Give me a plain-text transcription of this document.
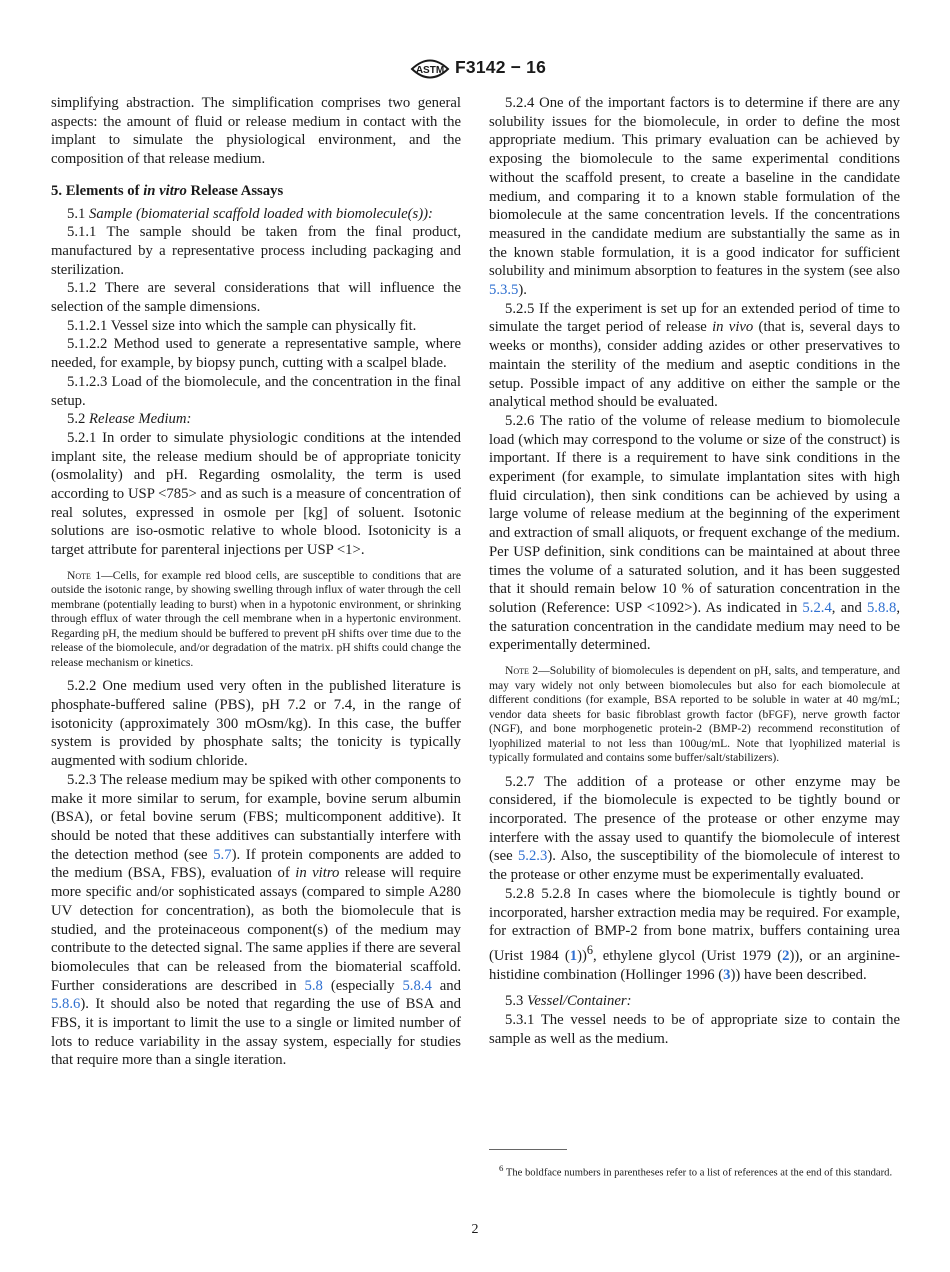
ASTM F3142 − 16

simplifying abstraction. The simplification comprises two general aspects: the amount of fluid or release medium in contact with the implant to simulate the physiological environment, and the composition of that release medium.

5. Elements of in vitro Release Assays

5.1 Sample (biomaterial scaffold loaded with biomolecule(s)):

5.1.1 The sample should be taken from the final product, manufactured by a representative process including packaging and sterilization.

5.1.2 There are several considerations that will influence the selection of the sample dimensions.

5.1.2.1 Vessel size into which the sample can physically fit.

5.1.2.2 Method used to generate a representative sample, where needed, for example, by biopsy punch, cutting with a scalpel blade.

5.1.2.3 Load of the biomolecule, and the concentration in the final setup.

5.2 Release Medium:

5.2.1 In order to simulate physiologic conditions at the intended implant site, the release medium should be of appropriate tonicity (osmolality) and pH. Regarding osmolality, the term is used according to USP <785> and as such is a measure of concentration of real solutes, expressed in osmole per [kg] of soluent. Isotonic solutions are iso-osmotic relative to whole blood. Isotonicity is a target attribute for parenteral injections per USP <1>.

Note 1—Cells, for example red blood cells, are susceptible to conditions that are outside the isotonic range, by showing swelling through influx of water through the cell membrane (potentially leading to burst) when in a hypotonic environment, or shrinking through efflux of water through the cell membrane when in a hypertonic environment. Regarding pH, the medium should be buffered to prevent pH shifts over time due to the release of the biomolecule, and/or degradation of the matrix. pH shifts could change the release mechanism or kinetics.

5.2.2 One medium used very often in the published literature is phosphate-buffered saline (PBS), pH 7.2 or 7.4, in the range of isotonicity (approximately 300 mOsm/kg). In this case, the buffer system is provided by phosphate salts; the tonicity is typically augmented with sodium chloride.

5.2.3 The release medium may be spiked with other components to make it more similar to serum, for example, bovine serum albumin (BSA), or fetal bovine serum (FBS; multicomponent additive). It should be noted that these additives can substantially interfere with the detection method (see 5.7). If protein components are added to the medium (BSA, FBS), evaluation of in vitro release will require more specific and/or sophisticated assays (compared to simple A280 UV detection for concentration), as both the biomolecule that is studied, and the proteinaceous component(s) of the medium may contribute to the detected signal. The same applies if there are several biomolecules that can be released from the biomaterial scaffold. Further considerations are described in 5.8 (especially 5.8.4 and 5.8.6). It should also be noted that regarding the use of BSA and FBS, it is important to limit the use to a single or limited number of lots to reduce variability in the assay system, especially for studies that require more than a single iteration.

5.2.4 One of the important factors is to determine if there are any solubility issues for the biomolecule, in order to define the most appropriate medium. This primary evaluation can be achieved by exposing the biomolecule to the same experimental conditions without the scaffold present, to create a baseline in the candidate medium, and comparing it to a known stable formulation of the biomolecule at the same concentration levels. If the concentrations measured in the candidate medium are substantially the same as in the known stable formulation, it is a good indicator for sufficient solubility and minimum absorption to features in the system (see also 5.3.5).

5.2.5 If the experiment is set up for an extended period of time to simulate the target period of release in vivo (that is, several days to weeks or months), consider adding azides or other preservatives to maintain the sterility of the medium and aseptic conditions in the setup. Possible impact of any additive on either the sample or the analytical method should be evaluated.

5.2.6 The ratio of the volume of release medium to biomolecule load (which may correspond to the volume or size of the construct) is important. If there is a requirement to have sink conditions in the experiment (for example, to simulate implantation sites with high fluid circulation), then sink conditions can be achieved by using a large volume of release medium at the beginning of the experiment and extraction of small aliquots, or frequent exchange of the medium. Per USP definition, sink conditions can be maintained at about three times the volume of a saturated solution, and it has been suggested that it should remain below 10 % of saturation concentration in the solution (Reference: USP <1092>). As indicated in 5.2.4, and 5.8.8, the saturation concentration in the candidate medium may need to be experimentally determined.

Note 2—Solubility of biomolecules is dependent on pH, salts, and temperature, and may vary widely not only between biomolecules but also for each biomolecule at different conditions (for example, BSA reported to be soluble in water at 40 mg/mL; vendor data sheets for basic fibroblast growth factor (bFGF), nerve growth factor (NGF), and bone morphogenetic protein-2 (BMP-2) recommend reconstitution of lyophilized material to not less than 100ug/mL. Note that lyophilized material is typically formulated and contains some buffer/salt/stabilizers).

5.2.7 The addition of a protease or other enzyme may be considered, if the biomolecule is expected to be tightly bound or incorporated. The presence of the protease or other enzyme may interfere with the assay used to quantify the biomolecule of interest (see 5.2.3). Also, the susceptibility of the biomolecule of interest to the protease or other enzyme must be experimentally evaluated.

5.2.8 5.2.8 In cases where the biomolecule is tightly bound or incorporated, harsher extraction media may be required. For example, for extraction of BMP-2 from bone matrix, buffers containing urea (Urist 1984 (1))$^6$, ethylene glycol (Urist 1979 (2)), or an arginine-histidine combination (Hollinger 1996 (3)) have been described.

5.3 Vessel/Container:

5.3.1 The vessel needs to be of appropriate size to contain the sample as well as the medium.

$^6$ The boldface numbers in parentheses refer to a list of references at the end of this standard.
2
